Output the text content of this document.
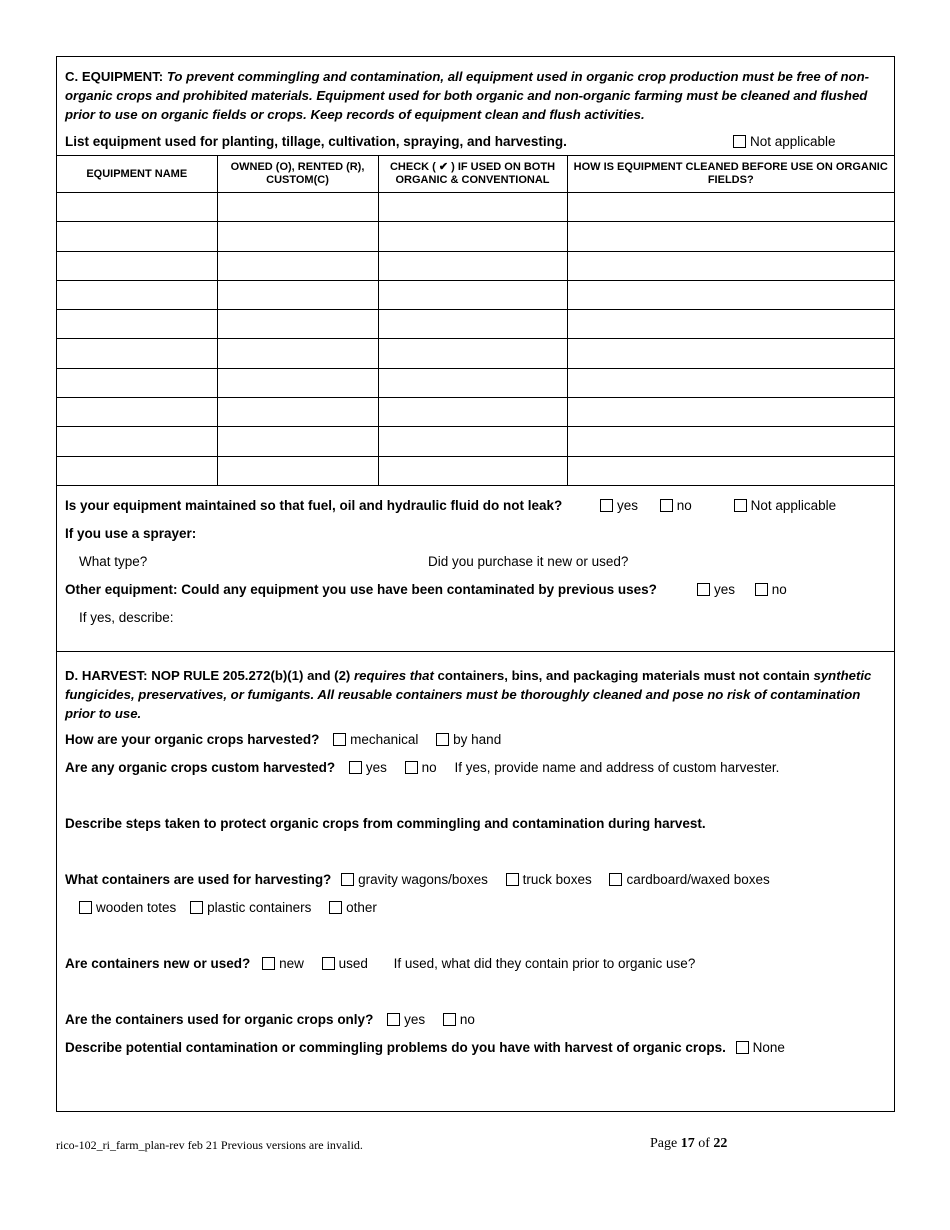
C. EQUIPMENT: To prevent commingling and contamination, all equipment used in organic crop production must be free of non-organic crops and prohibited materials. Equipment used for both organic and non-organic farming must be cleaned and flushed prior to use on organic fields or crops. Keep records of equipment clean and flush activities.
List equipment used for planting, tillage, cultivation, spraying, and harvesting.	Not applicable
EQUIPMENT NAME	OWNED (O), RENTED (R), CUSTOM(C)	CHECK ( ✔ ) IF USED ON BOTH ORGANIC & CONVENTIONAL	HOW IS EQUIPMENT CLEANED BEFORE USE ON ORGANIC FIELDS?

Is your equipment maintained so that fuel, oil and hydraulic fluid do not leak?	yes	no	Not applicable
If you use a sprayer:
What type?	Did you purchase it new or used?
Other equipment: Could any equipment you use have been contaminated by previous uses?	yes	no
If yes, describe:
D. HARVEST: NOP RULE 205.272(b)(1) and (2) requires that containers, bins, and packaging materials must not contain synthetic fungicides, preservatives, or fumigants. All reusable containers must be thoroughly cleaned and pose no risk of contamination prior to use.
How are your organic crops harvested? mechanical	by hand
Are any organic crops custom harvested? yes	no If yes, provide name and address of custom harvester.
Describe steps taken to protect organic crops from commingling and contamination during harvest.
What containers are used for harvesting? gravity wagons/boxes	truck boxes	cardboard/waxed boxes
wooden totes plastic containers	other
Are containers new or used? new	used If used, what did they contain prior to organic use?
Are the containers used for organic crops only? yes	no
Describe potential contamination or commingling problems do you have with harvest of organic crops. None
rico-102_ri_farm_plan-rev feb 21 Previous versions are invalid.	Page 17 of 22
